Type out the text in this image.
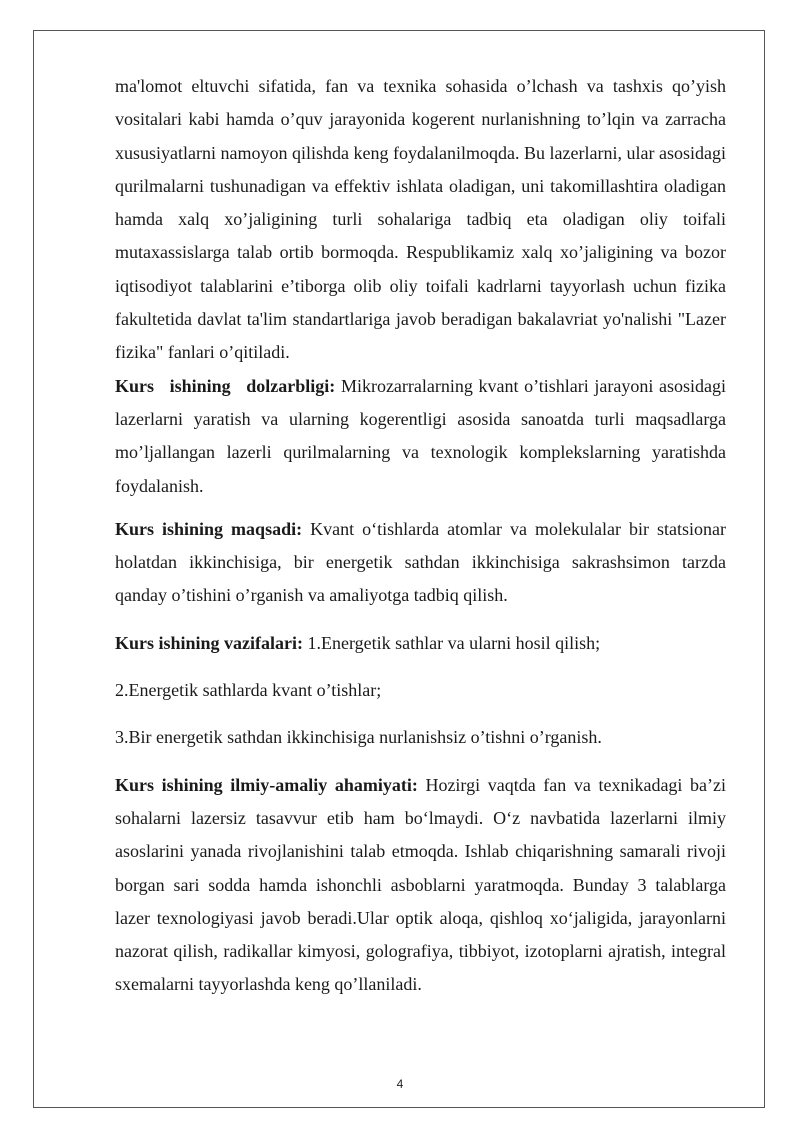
ma'lomot eltuvchi sifatida, fan va texnika sohasida o’lchash va tashxis qo’yish vositalari kabi hamda o’quv jarayonida kogerent nurlanishning to’lqin va zarracha xususiyatlarni namoyon qilishda keng foydalanilmoqda. Bu lazerlarni, ular asosidagi qurilmalarni tushunadigan va effektiv ishlata oladigan, uni takomillashtira oladigan hamda xalq xo’jaligining turli sohalariga tadbiq eta oladigan oliy toifali mutaxassislarga talab ortib bormoqda. Respublikamiz xalq xo’jaligining va bozor iqtisodiyot talablarini e’tiborga olib oliy toifali kadrlarni tayyorlash uchun fizika fakultetida davlat ta'lim standartlariga javob beradigan bakalavriat yo'nalishi "Lazer fizika" fanlari o’qitiladi.

Kurs ishining dolzarbligi: Mikrozarralarning kvant o’tishlari jarayoni asosidagi lazerlarni yaratish va ularning kogerentligi asosida sanoatda turli maqsadlarga mo’ljallangan lazerli qurilmalarning va texnologik komplekslarning yaratishda foydalanish.

Kurs ishining maqsadi: Kvant o‘tishlarda atomlar va molekulalar bir statsionar holatdan ikkinchisiga, bir energetik sathdan ikkinchisiga sakrashsimon tarzda qanday o’tishini o’rganish va amaliyotga tadbiq qilish.

Kurs ishining vazifalari: 1.Energetik sathlar va ularni hosil qilish;

2.Energetik sathlarda kvant o’tishlar;

3.Bir energetik sathdan ikkinchisiga nurlanishsiz o’tishni o’rganish.

Kurs ishining ilmiy-amaliy ahamiyati: Hozirgi vaqtda fan va texnikadagi ba’zi sohalarni lazersiz tasavvur etib ham bo‘lmaydi. O‘z navbatida lazerlarni ilmiy asoslarini yanada rivojlanishini talab etmoqda. Ishlab chiqarishning samarali rivoji borgan sari sodda hamda ishonchli asboblarni yaratmoqda. Bunday 3 talablarga lazer texnologiyasi javob beradi.Ular optik aloqa, qishloq xo‘jaligida, jarayonlarni nazorat qilish, radikallar kimyosi, golografiya, tibbiyot, izotoplarni ajratish, integral sxemalarni tayyorlashda keng qo’llaniladi.

4
